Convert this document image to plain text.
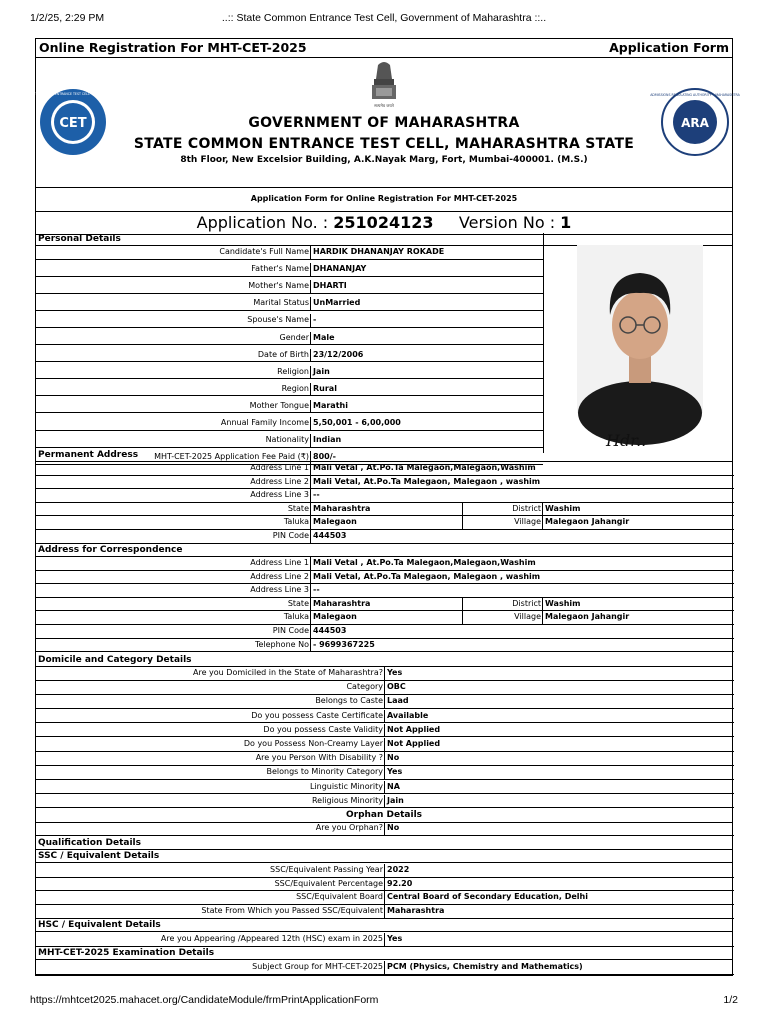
1/2/25, 2:29 PM	..:: State Common Entrance Test Cell, Government of Maharashtra ::..
Online Registration For MHT-CET-2025	Application Form
CET
STATE COMMON ENTRANCE TEST CELL • MAHARASHTRA
सत्यमेव जयते
ARA
ADMISSIONS REGULATING AUTHORITY • MAHARASHTRA
GOVERNMENT OF MAHARASHTRA
STATE COMMON ENTRANCE TEST CELL, MAHARASHTRA STATE
8th Floor, New Excelsior Building, A.K.Nayak Marg, Fort, Mumbai-400001. (M.S.)
Application Form for Online Registration For MHT-CET-2025
Application No. : 251024123 Version No : 1
Personal Details
Candidate's Full Name HARDIK DHANANJAY ROKADE
Father's Name DHANANJAY
Mother's Name DHARTI
Marital Status UnMarried
Spouse's Name -
Gender Male
Date of Birth 23/12/2006
Religion Jain
Region Rural
Mother Tongue Marathi
Annual Family Income 5,50,001 - 6,00,000
Nationality Indian
MHT-CET-2025 Application Fee Paid (₹) 800/-
Hdr..
Permanent Address
Address Line 1 Mali Vetal , At.Po.Ta Malegaon,Malegaon,Washim
Address Line 2 Mali Vetal, At.Po.Ta Malegaon, Malegaon , washim
Address Line 3 --
State Maharashtra	District Washim
Taluka Malegaon	Village Malegaon Jahangir
PIN Code 444503
Address for Correspondence
Address Line 1 Mali Vetal , At.Po.Ta Malegaon,Malegaon,Washim
Address Line 2 Mali Vetal, At.Po.Ta Malegaon, Malegaon , washim
Address Line 3 --
State Maharashtra	District Washim
Taluka Malegaon	Village Malegaon Jahangir
PIN Code 444503
Telephone No - 9699367225
Domicile and Category Details
Are you Domiciled in the State of Maharashtra? Yes
Category OBC
Belongs to Caste Laad
Do you possess Caste Certificate Available
Do you possess Caste Validity Not Applied
Do you Possess Non-Creamy Layer Not Applied
Are you Person With Disability ? No
Belongs to Minority Category Yes
Linguistic Minority NA
Religious Minority Jain
Orphan Details
Are you Orphan? No
Qualification Details
SSC / Equivalent Details
SSC/Equivalent Passing Year 2022
SSC/Equivalent Percentage 92.20
SSC/Equivalent Board Central Board of Secondary Education, Delhi
State From Which you Passed SSC/Equivalent Maharashtra
HSC / Equivalent Details
Are you Appearing /Appeared 12th (HSC) exam in 2025 Yes
MHT-CET-2025 Examination Details
Subject Group for MHT-CET-2025 PCM (Physics, Chemistry and Mathematics)
https://mhtcet2025.mahacet.org/CandidateModule/frmPrintApplicationForm	1/2
